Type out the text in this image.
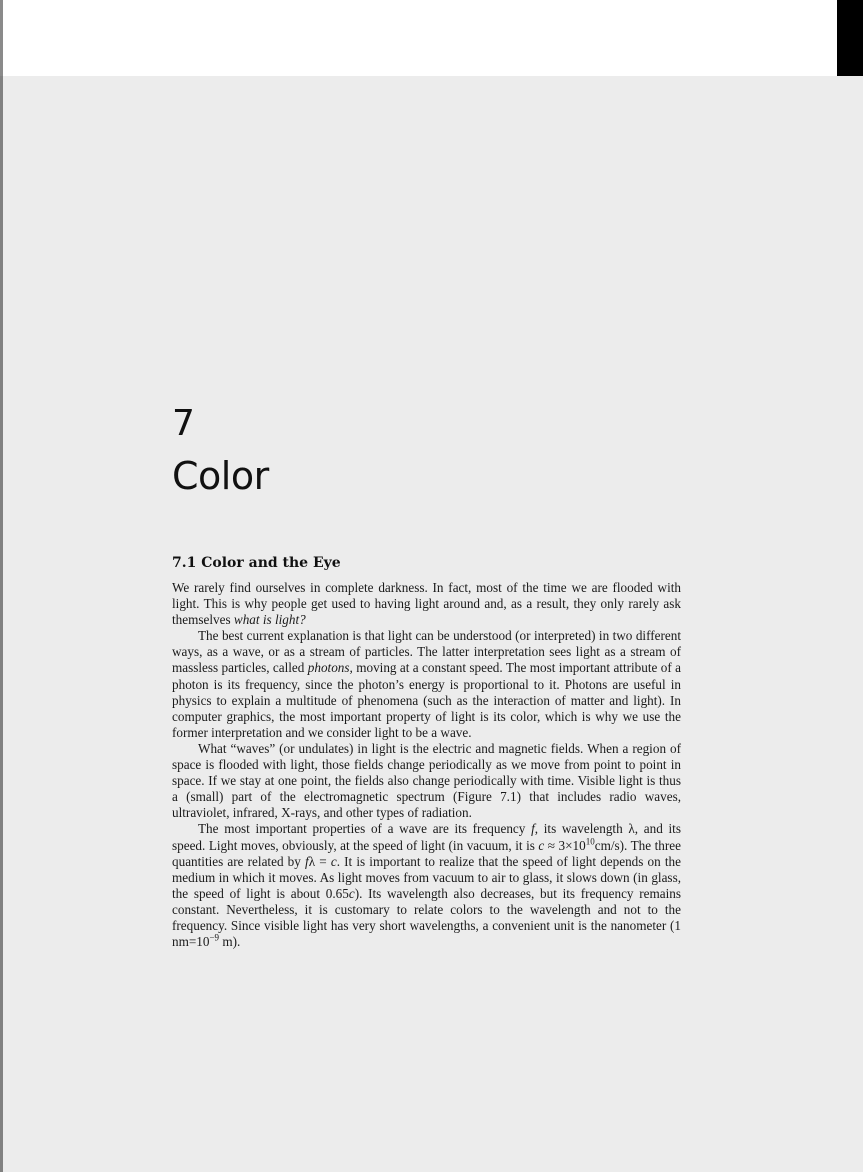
7
Color
7.1 Color and the Eye

We rarely find ourselves in complete darkness. In fact, most of the time we are flooded with light. This is why people get used to having light around and, as a result, they only rarely ask themselves what is light?

The best current explanation is that light can be understood (or interpreted) in two different ways, as a wave, or as a stream of particles. The latter interpretation sees light as a stream of massless particles, called photons, moving at a constant speed. The most important attribute of a photon is its frequency, since the photon’s energy is proportional to it. Photons are useful in physics to explain a multitude of phenomena (such as the interaction of matter and light). In computer graphics, the most important property of light is its color, which is why we use the former interpretation and we consider light to be a wave.

What “waves” (or undulates) in light is the electric and magnetic fields. When a region of space is flooded with light, those fields change periodically as we move from point to point in space. If we stay at one point, the fields also change periodically with time. Visible light is thus a (small) part of the electromagnetic spectrum (Figure 7.1) that includes radio waves, ultraviolet, infrared, X-rays, and other types of radiation.

The most important properties of a wave are its frequency f, its wavelength λ, and its speed. Light moves, obviously, at the speed of light (in vacuum, it is $c \approx 3\times 10^{10}cm/s$). The three quantities are related by fλ = c. It is important to realize that the speed of light depends on the medium in which it moves. As light moves from vacuum to air to glass, it slows down (in glass, the speed of light is about 0.65c). Its wavelength also decreases, but its frequency remains constant. Nevertheless, it is customary to relate colors to the wavelength and not to the frequency. Since visible light has very short wavelengths, a convenient unit is the nanometer (1 $nm=10^{-9}$ m).
